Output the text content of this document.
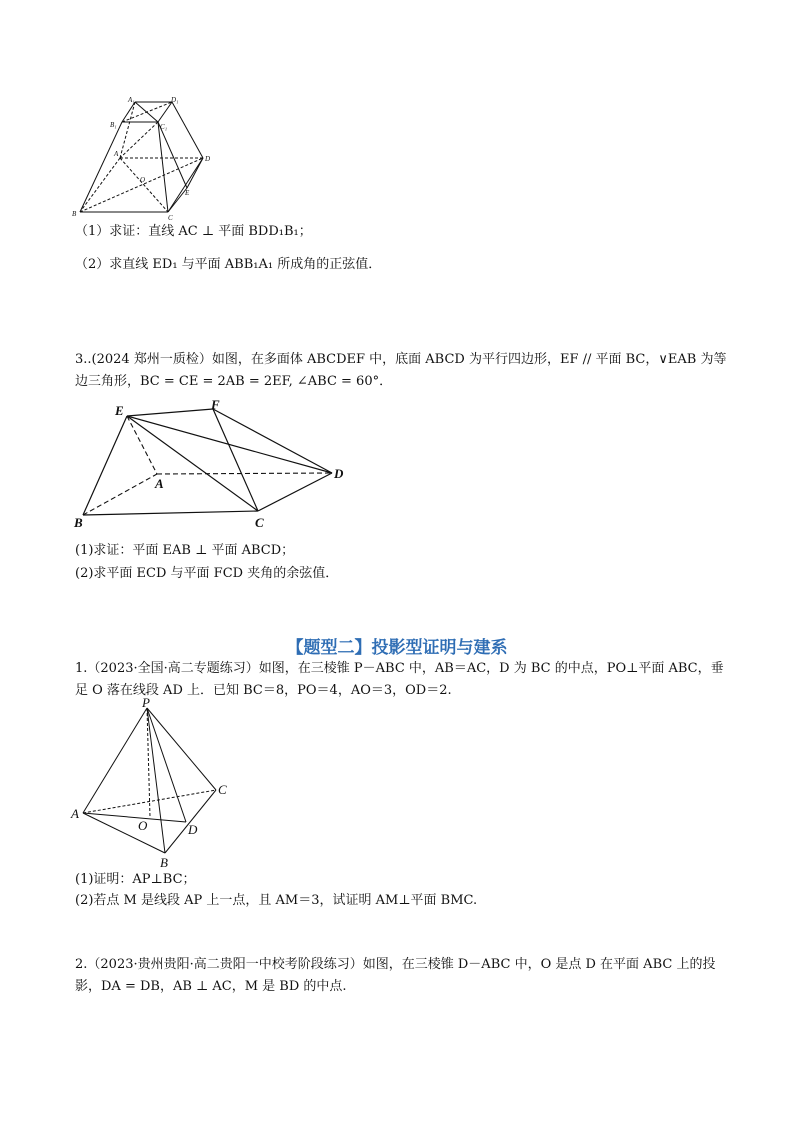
A₁	D₁
B₁	C₁
A
D
O
E
B	C
（1）求证：直线 AC ⊥ 平面 BDD₁B₁；
（2）求直线 ED₁ 与平面 ABB₁A₁ 所成角的正弦值．
3..(2024 郑州一质检）如图，在多面体 ABCDEF 中，底面 ABCD 为平行四边形，EF // 平面 BC，∨EAB 为等
边三角形，BC = CE = 2AB = 2EF, ∠ABC = 60°．
E	F
A
D
B	C
(1)求证：平面 EAB ⊥ 平面 ABCD；
(2)求平面 ECD 与平面 FCD 夹角的余弦值．
【题型二】投影型证明与建系
1.（2023·全国·高二专题练习）如图，在三棱锥 P－ABC 中，AB＝AC，D 为 BC 的中点，PO⊥平面 ABC，垂
足 O 落在线段 AD 上．已知 BC＝8，PO＝4，AO＝3，OD＝2.
P
A
C
O	D
B
(1)证明：AP⊥BC；
(2)若点 M 是线段 AP 上一点，且 AM＝3，试证明 AM⊥平面 BMC.
2.（2023·贵州贵阳·高二贵阳一中校考阶段练习）如图，在三棱锥 D－ABC 中，O 是点 D 在平面 ABC 上的投
影，DA = DB，AB ⊥ AC，M 是 BD 的中点.
